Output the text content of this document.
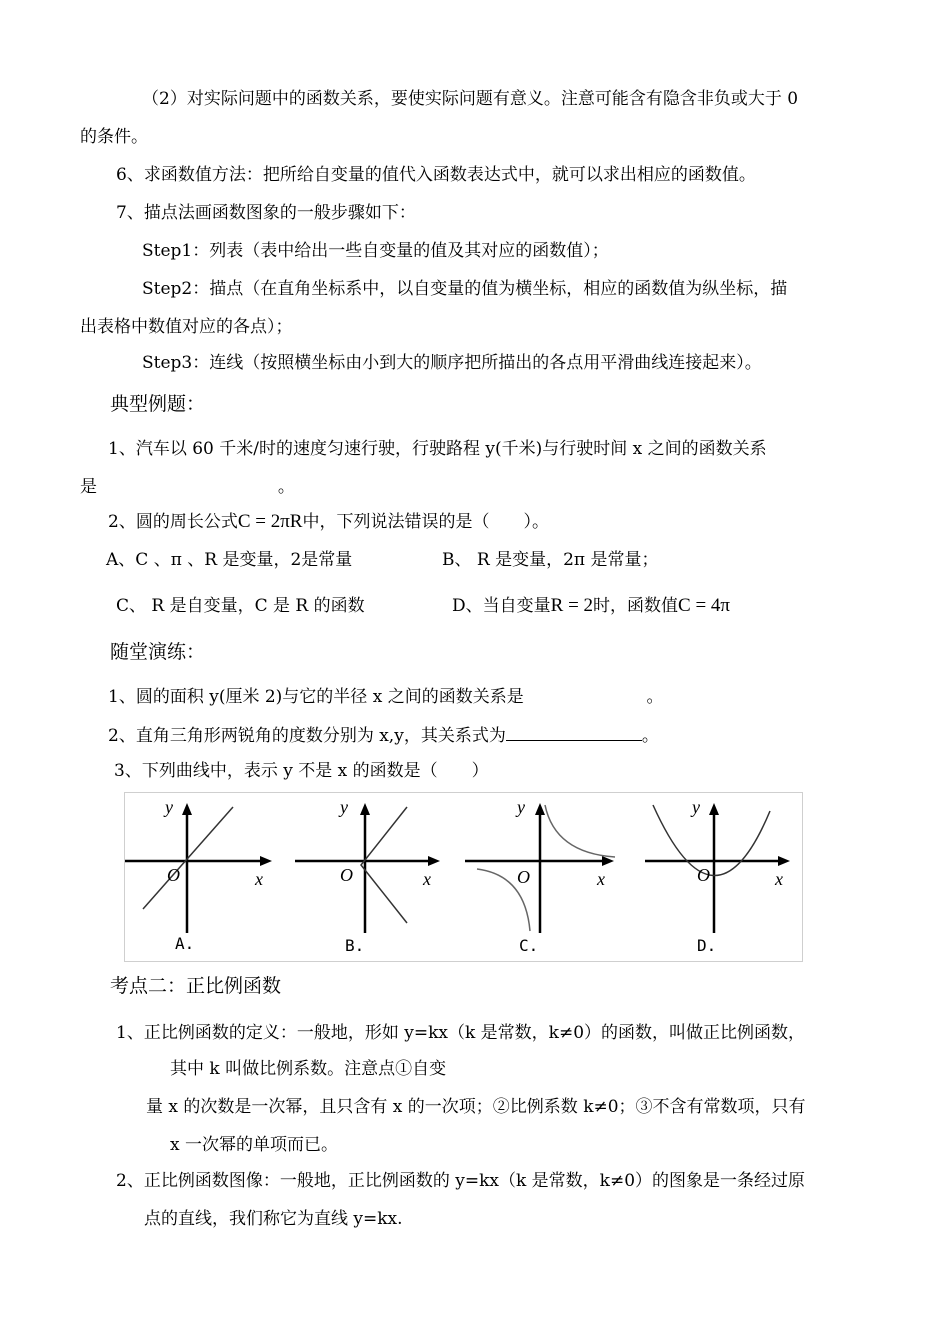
（2）对实际问题中的函数关系，要使实际问题有意义。注意可能含有隐含非负或大于 0
的条件。
6、求函数值方法：把所给自变量的值代入函数表达式中，就可以求出相应的函数值。
7、描点法画函数图象的一般步骤如下：
Step1：列表（表中给出一些自变量的值及其对应的函数值）；
Step2：描点（在直角坐标系中，以自变量的值为横坐标，相应的函数值为纵坐标，描
出表格中数值对应的各点）；
Step3：连线（按照横坐标由小到大的顺序把所描出的各点用平滑曲线连接起来）。
典型例题：
1、汽车以 60 千米/时的速度匀速行驶，行驶路程 y(千米)与行驶时间 x 之间的函数关系
是	。
2、圆的周长公式C = 2πR中，下列说法错误的是（　　）。
A、C 、π 、R 是变量，2是常量	B、 R 是变量，2π 是常量；
C、 R 是自变量，C 是 R 的函数	D、当自变量R = 2时，函数值C = 4π
随堂演练：
1、圆的面积 y(厘米 2)与它的半径 x 之间的函数关系是	。
2、直角三角形两锐角的度数分别为 x,y，其关系式为	。
3、下列曲线中，表示 y 不是 x 的函数是（　　）
y
x
O
A.
y
x
O
B.
y
x
O
C.
y
x
O
D.
考点二：正比例函数
1、正比例函数的定义：一般地，形如 y=kx（k 是常数，k≠0）的函数，叫做正比例函数，
其中 k 叫做比例系数。注意点①自变
量 x 的次数是一次幂，且只含有 x 的一次项；②比例系数 k≠0；③不含有常数项，只有
x 一次幂的单项而已。
2、正比例函数图像：一般地，正比例函数的 y=kx（k 是常数，k≠0）的图象是一条经过原
点的直线，我们称它为直线 y=kx.
